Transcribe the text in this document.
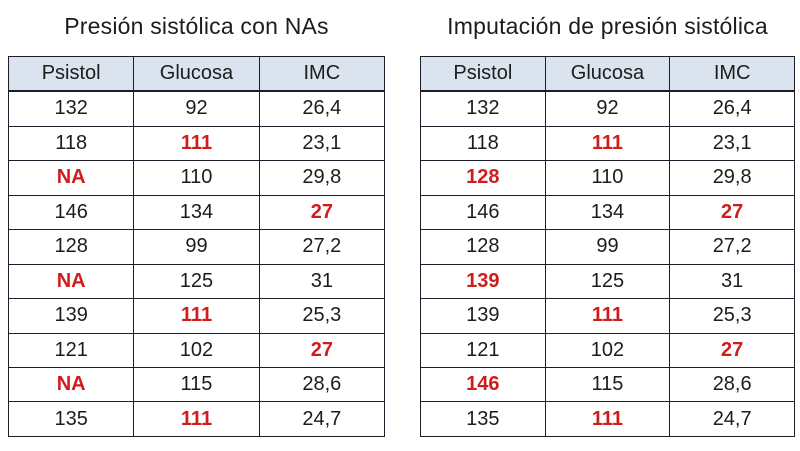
Presión sistólica con NAs
Psistol	Glucosa	IMC
132	92	26,4
118	111	23,1
NA	110	29,8
146	134	27
128	99	27,2
NA	125	31
139	111	25,3
121	102	27
NA	115	28,6
135	111	24,7
Imputación de presión sistólica
Psistol	Glucosa	IMC
132	92	26,4
118	111	23,1
128	110	29,8
146	134	27
128	99	27,2
139	125	31
139	111	25,3
121	102	27
146	115	28,6
135	111	24,7
